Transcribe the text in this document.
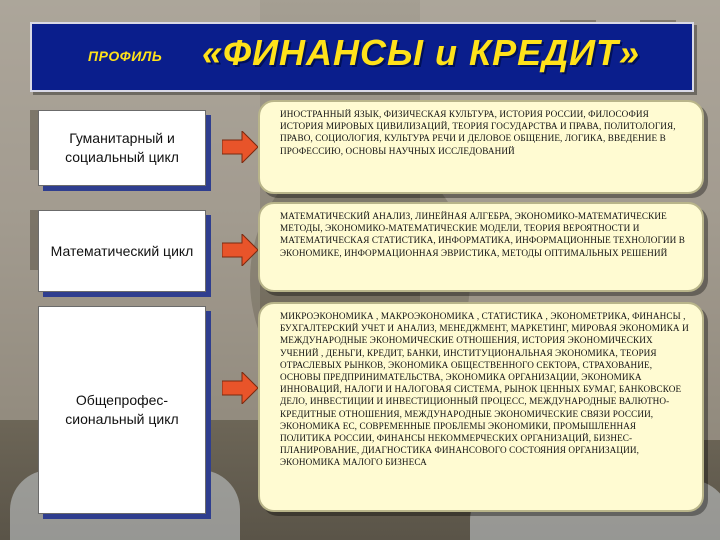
ПРОФИЛЬ «ФИНАНСЫ и КРЕДИТ»
Гуманитарный и социальный цикл
ИНОСТРАННЫЙ ЯЗЫК, ФИЗИЧЕСКАЯ КУЛЬТУРА, ИСТОРИЯ РОССИИ, ФИЛОСОФИЯ ИСТОРИЯ МИРОВЫХ ЦИВИЛИЗАЦИЙ, ТЕОРИЯ ГОСУДАРСТВА И ПРАВА, ПОЛИТОЛОГИЯ, ПРАВО, СОЦИОЛОГИЯ, КУЛЬТУРА РЕЧИ И ДЕЛОВОЕ ОБЩЕНИЕ, ЛОГИКА, ВВЕДЕНИЕ В ПРОФЕССИЮ, ОСНОВЫ НАУЧНЫХ ИССЛЕДОВАНИЙ
Математический цикл
МАТЕМАТИЧЕСКИЙ АНАЛИЗ, ЛИНЕЙНАЯ АЛГЕБРА, ЭКОНОМИКО-МАТЕМАТИЧЕСКИЕ МЕТОДЫ, ЭКОНОМИКО-МАТЕМАТИЧЕСКИЕ МОДЕЛИ, ТЕОРИЯ ВЕРОЯТНОСТИ И МАТЕМАТИЧЕСКАЯ СТАТИСТИКА, ИНФОРМАТИКА, ИНФОРМАЦИОННЫЕ ТЕХНОЛОГИИ В ЭКОНОМИКЕ, ИНФОРМАЦИОННАЯ ЭВРИСТИКА, МЕТОДЫ ОПТИМАЛЬНЫХ РЕШЕНИЙ
Общепрофес-сиональный цикл
МИКРОЭКОНОМИКА , МАКРОЭКОНОМИКА , СТАТИСТИКА , ЭКОНОМЕТРИКА, ФИНАНСЫ , БУХГАЛТЕРСКИЙ УЧЕТ И АНАЛИЗ, МЕНЕДЖМЕНТ, МАРКЕТИНГ, МИРОВАЯ ЭКОНОМИКА И МЕЖДУНАРОДНЫЕ ЭКОНОМИЧЕСКИЕ ОТНОШЕНИЯ, ИСТОРИЯ ЭКОНОМИЧЕСКИХ УЧЕНИЙ , ДЕНЬГИ, КРЕДИТ, БАНКИ, ИНСТИТУЦИОНАЛЬНАЯ ЭКОНОМИКА, ТЕОРИЯ ОТРАСЛЕВЫХ РЫНКОВ, ЭКОНОМИКА ОБЩЕСТВЕННОГО СЕКТОРА, СТРАХОВАНИЕ, ОСНОВЫ ПРЕДПРИНИМАТЕЛЬСТВА, ЭКОНОМИКА ОРГАНИЗАЦИИ, ЭКОНОМИКА ИННОВАЦИЙ, НАЛОГИ И НАЛОГОВАЯ СИСТЕМА, РЫНОК ЦЕННЫХ БУМАГ, БАНКОВСКОЕ ДЕЛО, ИНВЕСТИЦИИ И ИНВЕСТИЦИОННЫЙ ПРОЦЕСС, МЕЖДУНАРОДНЫЕ ВАЛЮТНО-КРЕДИТНЫЕ ОТНОШЕНИЯ, МЕЖДУНАРОДНЫЕ ЭКОНОМИЧЕСКИЕ СВЯЗИ РОССИИ, ЭКОНОМИКА ЕС, СОВРЕМЕННЫЕ ПРОБЛЕМЫ ЭКОНОМИКИ, ПРОМЫШЛЕННАЯ ПОЛИТИКА РОССИИ, ФИНАНСЫ НЕКОММЕРЧЕСКИХ ОРГАНИЗАЦИЙ, БИЗНЕС-ПЛАНИРОВАНИЕ, ДИАГНОСТИКА ФИНАНСОВОГО СОСТОЯНИЯ ОРГАНИЗАЦИИ, ЭКОНОМИКА МАЛОГО БИЗНЕСА
